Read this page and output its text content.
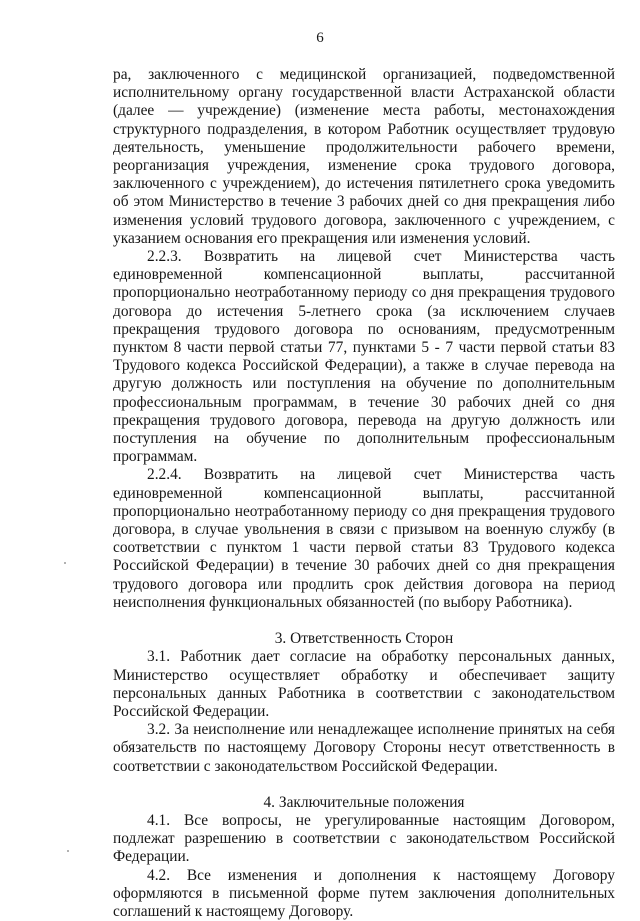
6

ра, заключенного с медицинской организацией, подведомственной исполнительному органу государственной власти Астраханской области (далее — учреждение) (изменение места работы, местонахождения структурного подразделения, в котором Работник осуществляет трудовую деятельность, уменьшение продолжительности рабочего времени, реорганизация учреждения, изменение срока трудового договора, заключенного с учреждением), до истечения пятилетнего срока уведомить об этом Министерство в течение 3 рабочих дней со дня прекращения либо изменения условий трудового договора, заключенного с учреждением, с указанием основания его прекращения или изменения условий.

2.2.3. Возвратить на лицевой счет Министерства часть единовременной компенсационной выплаты, рассчитанной пропорционально неотработанному периоду со дня прекращения трудового договора до истечения 5-летнего срока (за исключением случаев прекращения трудового договора по основаниям, предусмотренным пунктом 8 части первой статьи 77, пунктами 5 - 7 части первой статьи 83 Трудового кодекса Российской Федерации), а также в случае перевода на другую должность или поступления на обучение по дополнительным профессиональным программам, в течение 30 рабочих дней со дня прекращения трудового договора, перевода на другую должность или поступления на обучение по дополнительным профессиональным программам.

2.2.4. Возвратить на лицевой счет Министерства часть единовременной компенсационной выплаты, рассчитанной пропорционально неотработанному периоду со дня прекращения трудового договора, в случае увольнения в связи с призывом на военную службу (в соответствии с пунктом 1 части первой статьи 83 Трудового кодекса Российской Федерации) в течение 30 рабочих дней со дня прекращения трудового договора или продлить срок действия договора на период неисполнения функциональных обязанностей (по выбору Работника).

3. Ответственность Сторон

3.1. Работник дает согласие на обработку персональных данных, Министерство осуществляет обработку и обеспечивает защиту персональных данных Работника в соответствии с законодательством Российской Федерации.

3.2. За неисполнение или ненадлежащее исполнение принятых на себя обязательств по настоящему Договору Стороны несут ответственность в соответствии с законодательством Российской Федерации.

4. Заключительные положения

4.1. Все вопросы, не урегулированные настоящим Договором, подлежат разрешению в соответствии с законодательством Российской Федерации.

4.2. Все изменения и дополнения к настоящему Договору оформляются в письменной форме путем заключения дополнительных соглашений к настоящему Договору.
